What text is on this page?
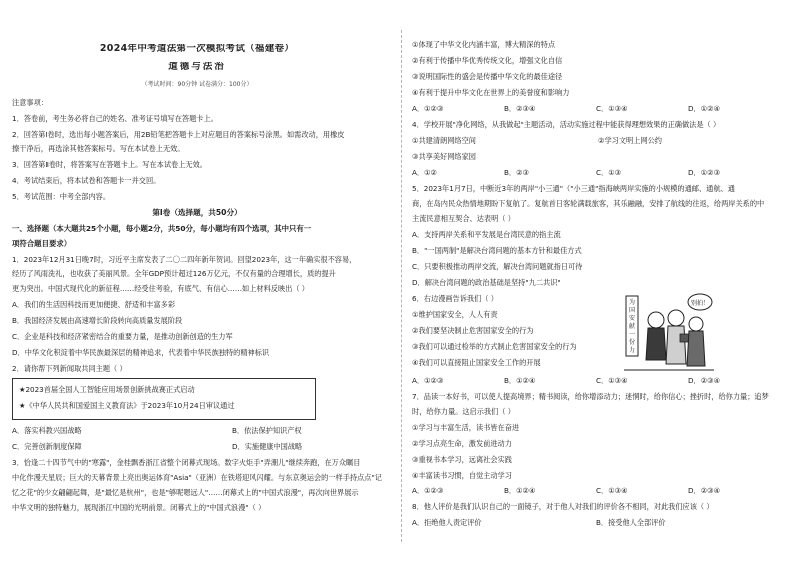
2024年中考道法第一次模拟考试（福建卷）
道德与法治
（考试时间：90分钟 试卷满分：100分）
注意事项：
1．答卷前，考生务必将自己的姓名、准考证号填写在答题卡上。
2．回答第Ⅰ卷时，选出每小题答案后，用2B铅笔把答题卡上对应题目的答案标号涂黑。如需改动，用橡皮
擦干净后，再选涂其他答案标号。写在本试卷上无效。
3．回答第Ⅱ卷时，将答案写在答题卡上。写在本试卷上无效。
4．考试结束后，将本试卷和答题卡一并交回。
5．考试范围：中考全部内容。
第Ⅰ卷（选择题，共50分）
一、选择题（本大题共25个小题，每小题2分，共50分，每小题均有四个选项，其中只有一
项符合题目要求）
1．2023年12月31日晚7时，习近平主席发表了二〇二四年新年贺词。回望2023年，这一年确实很不容易，
经历了风雨洗礼，也收获了美丽风景。全年GDP预计超过126万亿元，不仅有量的合理增长，质的提升
更为突出。中国式现代化的新征程……经受住考验，有底气、有信心……如上材料反映出（ ）
A．我们的生活因科技而更加便捷、舒适和丰富多彩
B．我国经济发展由高速增长阶段转向高质量发展阶段
C．企业是科技和经济紧密结合的重要力量，是推动创新创造的生力军
D．中华文化积淀着中华民族最深层的精神追求，代表着中华民族独特的精神标识
2．请你帮下列新闻取共同主题（ ）
★2023首届全国人工智能应用场景创新挑战赛正式启动
★《中华人民共和国爱国主义教育法》于2023年10月24日审议通过
A．落实科教兴国战略	B．依法保护知识产权
C．完善创新制度保障	D．实施健康中国战略
3．恰逢二十四节气中的"寒露"，金桂飘香浙江省整个闭幕式现场。数字火炬手"弄潮儿"继续奔跑，在万众瞩目
中化作漫天星辰；巨大的天幕背景上亮出奥运体育"Asia"（亚洲）在铁塔迎风闪耀。与东京奥运会的一样手持点点"记
忆之花"的少女翩翩起舞，是"最忆是杭州"，也是"够呢嗯远人"……闭幕式上的"中国式浪漫"，再次向世界展示
中华文明的独特魅力，展现浙江中国的光明前景。闭幕式上的"中国式浪漫"（ ）
①体现了中华文化内涵丰富，博大精深的特点
②有利于传播中华优秀传统文化，增强文化自信
③说明国际性的盛会是传播中华文化的最佳途径
④有利于提升中华文化在世界上的美誉度和影响力
A．①②③	B．②③④	C．①③④	D．①②④
4．学校开展"净化网络，从我做起"主题活动，活动实施过程中能获得理想效果的正确做法是（ ）
①共建清朗网络空间	②学习文明上网公约
③共享美好网络家园
A．①②	B．②③	C．①③	D．①②③
5．2023年1月7日，中断近3年的两岸"小三通"（"小三通"指海峡两岸实施的小规模的通邮、通航、通
商，在岛内民众热情地期盼下复航了。复航首日客轮满载旅客，其乐融融，安排了航线的往返，给两岸关系的中
主流民意相互契合、达表明（ ）
A．支持两岸关系和平发展是台湾民意的指主流
B．"一国两制"是解决台湾问题的基本方针和最佳方式
C．只要积极推动两岸交流，解决台湾问题就指日可待
D．解决台湾问题的政治基础是坚持"九二共识"
6．右边漫画告诉我们（ ）
①维护国家安全，人人有责
②我们要坚决制止危害国家安全的行为
③我们可以通过检举的方式制止危害国家安全的行为
④我们可以直接阻止国家安全工作的开展
为
国
安
献
一
份
力
别拍！
A．①②③	B．①②④	C．①③④	D．②③④
7．品读一本好书，可以使人提高境界；精书阅读，给你增添动力；迷惘时，给你信心；挫折时，给你力量；追梦
时，给你力量。这启示我们（ ）
①学习与丰富生活，读书皆在奋进
②学习点亮生命，激发前进动力
③重视书本学习，远离社会实践
④丰富读书习惯，自觉主动学习
A．①②③	B．①②④	C．①③④	D．②③④
8．他人评价是我们认识自己的一面镜子，对于他人对我们的评价各不相同，对此我们应该（ ）
A．拒绝他人责定评价	B．接受他人全部评价
